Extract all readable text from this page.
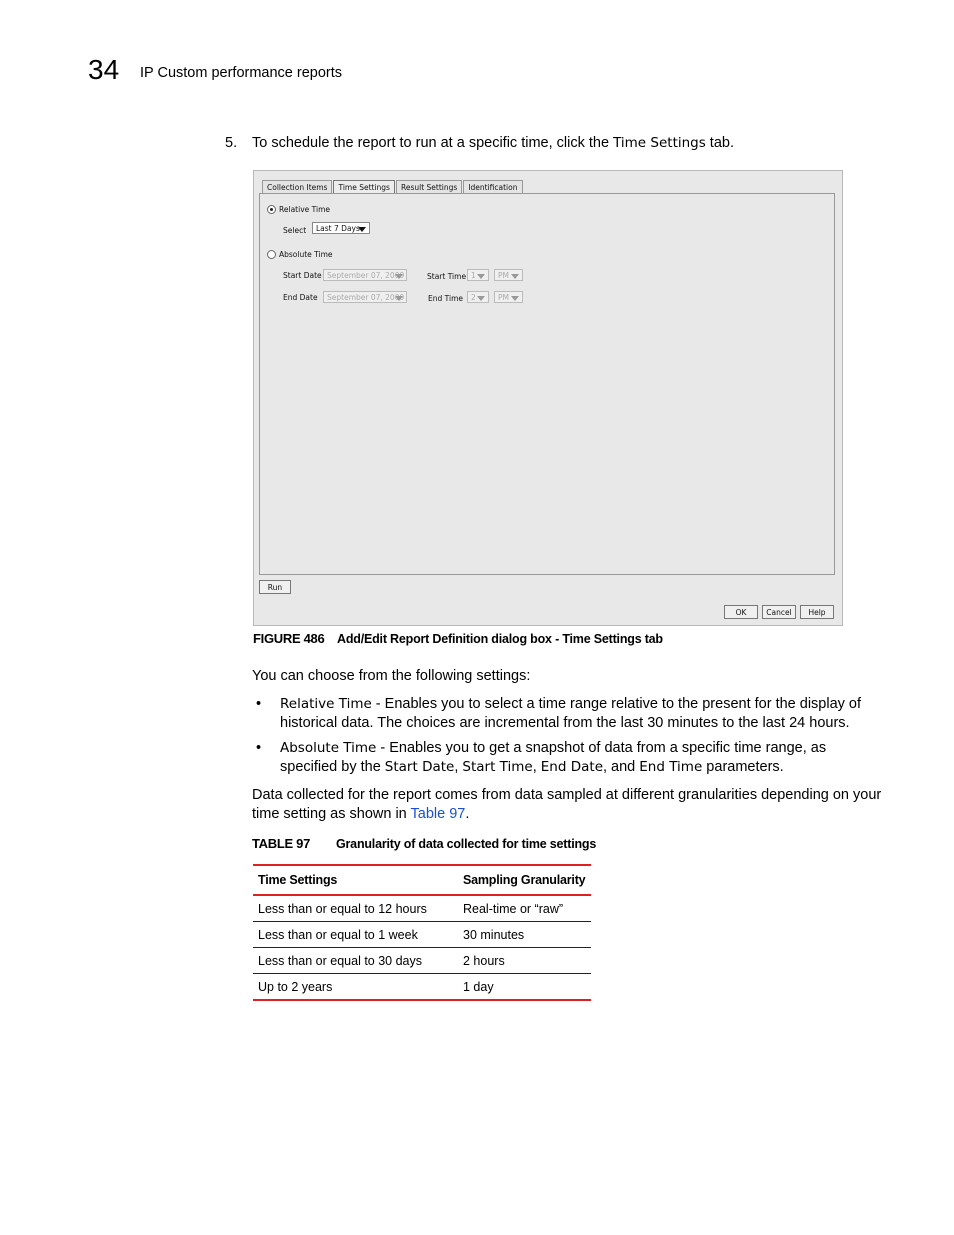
34 IP Custom performance reports
5. To schedule the report to run at a specific time, click the Time Settings tab.
Collection Items	Time Settings	Result Settings	Identification
Relative Time
Select	Last 7 Days
Absolute Time
Start Date September 07, 2009	Start Time 1	PM
End Date	September 07, 2009	End Time	2	PM
Run
OK	Cancel	Help
FIGURE 486 Add/Edit Report Definition dialog box - Time Settings tab
You can choose from the following settings:
• Relative Time - Enables you to select a time range relative to the present for the display of historical data. The choices are incremental from the last 30 minutes to the last 24 hours.
• Absolute Time - Enables you to get a snapshot of data from a specific time range, as specified by the Start Date, Start Time, End Date, and End Time parameters.
Data collected for the report comes from data sampled at different granularities depending on your time setting as shown in Table 97.
TABLE 97 Granularity of data collected for time settings
Time Settings	Sampling Granularity
Less than or equal to 12 hours	Real-time or “raw”
Less than or equal to 1 week	30 minutes
Less than or equal to 30 days	2 hours
Up to 2 years	1 day
